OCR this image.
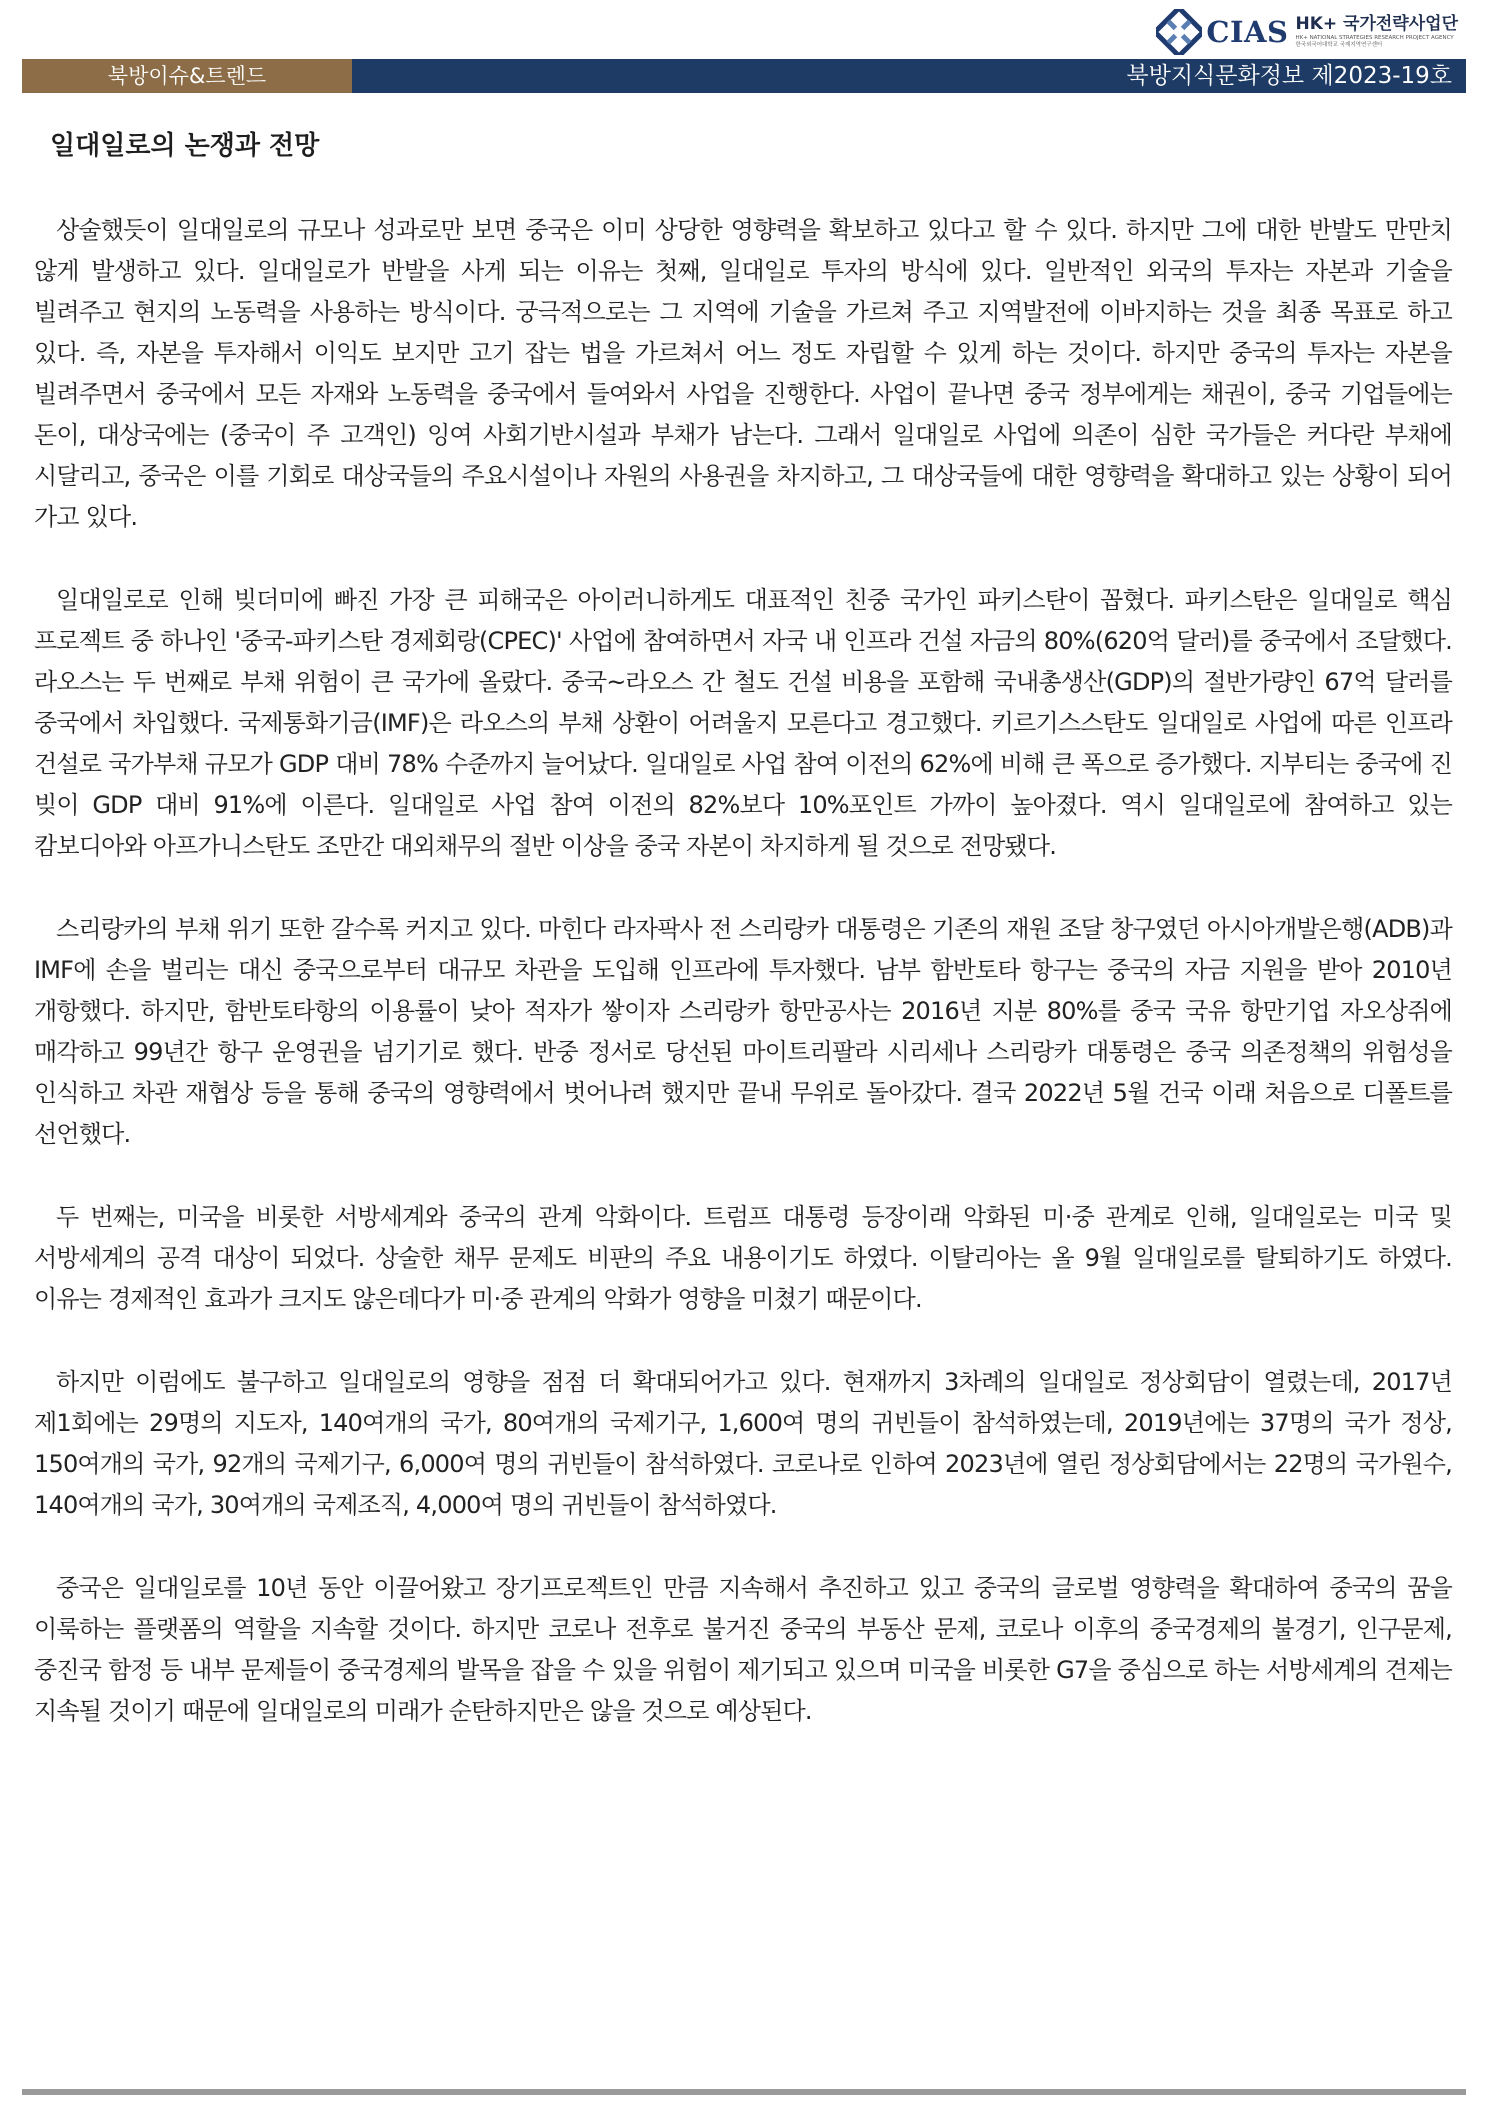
CIAS HK+ 국가전략사업단
HK+ NATIONAL STRATEGIES RESEARCH PROJECT AGENCY
한국외국어대학교 국제지역연구센터
북방이슈&트렌드	북방지식문화정보 제2023-19호
일대일로의 논쟁과 전망

상술했듯이 일대일로의 규모나 성과로만 보면 중국은 이미 상당한 영향력을 확보하고 있다고 할 수 있다. 하지만 그에 대한 반발도 만만치 않게 발생하고 있다. 일대일로가 반발을 사게 되는 이유는 첫째, 일대일로 투자의 방식에 있다. 일반적인 외국의 투자는 자본과 기술을 빌려주고 현지의 노동력을 사용하는 방식이다. 궁극적으로는 그 지역에 기술을 가르쳐 주고 지역발전에 이바지하는 것을 최종 목표로 하고 있다. 즉, 자본을 투자해서 이익도 보지만 고기 잡는 법을 가르쳐서 어느 정도 자립할 수 있게 하는 것이다. 하지만 중국의 투자는 자본을 빌려주면서 중국에서 모든 자재와 노동력을 중국에서 들여와서 사업을 진행한다. 사업이 끝나면 중국 정부에게는 채권이, 중국 기업들에는 돈이, 대상국에는 (중국이 주 고객인) 잉여 사회기반시설과 부채가 남는다. 그래서 일대일로 사업에 의존이 심한 국가들은 커다란 부채에 시달리고, 중국은 이를 기회로 대상국들의 주요시설이나 자원의 사용권을 차지하고, 그 대상국들에 대한 영향력을 확대하고 있는 상황이 되어 가고 있다.

일대일로로 인해 빚더미에 빠진 가장 큰 피해국은 아이러니하게도 대표적인 친중 국가인 파키스탄이 꼽혔다. 파키스탄은 일대일로 핵심 프로젝트 중 하나인 '중국-파키스탄 경제회랑(CPEC)' 사업에 참여하면서 자국 내 인프라 건설 자금의 80%(620억 달러)를 중국에서 조달했다. 라오스는 두 번째로 부채 위험이 큰 국가에 올랐다. 중국~라오스 간 철도 건설 비용을 포함해 국내총생산(GDP)의 절반가량인 67억 달러를 중국에서 차입했다. 국제통화기금(IMF)은 라오스의 부채 상환이 어려울지 모른다고 경고했다. 키르기스스탄도 일대일로 사업에 따른 인프라 건설로 국가부채 규모가 GDP 대비 78% 수준까지 늘어났다. 일대일로 사업 참여 이전의 62%에 비해 큰 폭으로 증가했다. 지부티는 중국에 진 빚이 GDP 대비 91%에 이른다. 일대일로 사업 참여 이전의 82%보다 10%포인트 가까이 높아졌다. 역시 일대일로에 참여하고 있는 캄보디아와 아프가니스탄도 조만간 대외채무의 절반 이상을 중국 자본이 차지하게 될 것으로 전망됐다.

스리랑카의 부채 위기 또한 갈수록 커지고 있다. 마힌다 라자팍사 전 스리랑카 대통령은 기존의 재원 조달 창구였던 아시아개발은행(ADB)과 IMF에 손을 벌리는 대신 중국으로부터 대규모 차관을 도입해 인프라에 투자했다. 남부 함반토타 항구는 중국의 자금 지원을 받아 2010년 개항했다. 하지만, 함반토타항의 이용률이 낮아 적자가 쌓이자 스리랑카 항만공사는 2016년 지분 80%를 중국 국유 항만기업 자오상쥐에 매각하고 99년간 항구 운영권을 넘기기로 했다. 반중 정서로 당선된 마이트리팔라 시리세나 스리랑카 대통령은 중국 의존정책의 위험성을 인식하고 차관 재협상 등을 통해 중국의 영향력에서 벗어나려 했지만 끝내 무위로 돌아갔다. 결국 2022년 5월 건국 이래 처음으로 디폴트를 선언했다.

두 번째는, 미국을 비롯한 서방세계와 중국의 관계 악화이다. 트럼프 대통령 등장이래 악화된 미·중 관계로 인해, 일대일로는 미국 및 서방세계의 공격 대상이 되었다. 상술한 채무 문제도 비판의 주요 내용이기도 하였다. 이탈리아는 올 9월 일대일로를 탈퇴하기도 하였다. 이유는 경제적인 효과가 크지도 않은데다가 미·중 관계의 악화가 영향을 미쳤기 때문이다.

하지만 이럼에도 불구하고 일대일로의 영향을 점점 더 확대되어가고 있다. 현재까지 3차례의 일대일로 정상회담이 열렸는데, 2017년 제1회에는 29명의 지도자, 140여개의 국가, 80여개의 국제기구, 1,600여 명의 귀빈들이 참석하였는데, 2019년에는 37명의 국가 정상, 150여개의 국가, 92개의 국제기구, 6,000여 명의 귀빈들이 참석하였다. 코로나로 인하여 2023년에 열린 정상회담에서는 22명의 국가원수, 140여개의 국가, 30여개의 국제조직, 4,000여 명의 귀빈들이 참석하였다.

중국은 일대일로를 10년 동안 이끌어왔고 장기프로젝트인 만큼 지속해서 추진하고 있고 중국의 글로벌 영향력을 확대하여 중국의 꿈을 이룩하는 플랫폼의 역할을 지속할 것이다. 하지만 코로나 전후로 불거진 중국의 부동산 문제, 코로나 이후의 중국경제의 불경기, 인구문제, 중진국 함정 등 내부 문제들이 중국경제의 발목을 잡을 수 있을 위험이 제기되고 있으며 미국을 비롯한 G7을 중심으로 하는 서방세계의 견제는 지속될 것이기 때문에 일대일로의 미래가 순탄하지만은 않을 것으로 예상된다.
